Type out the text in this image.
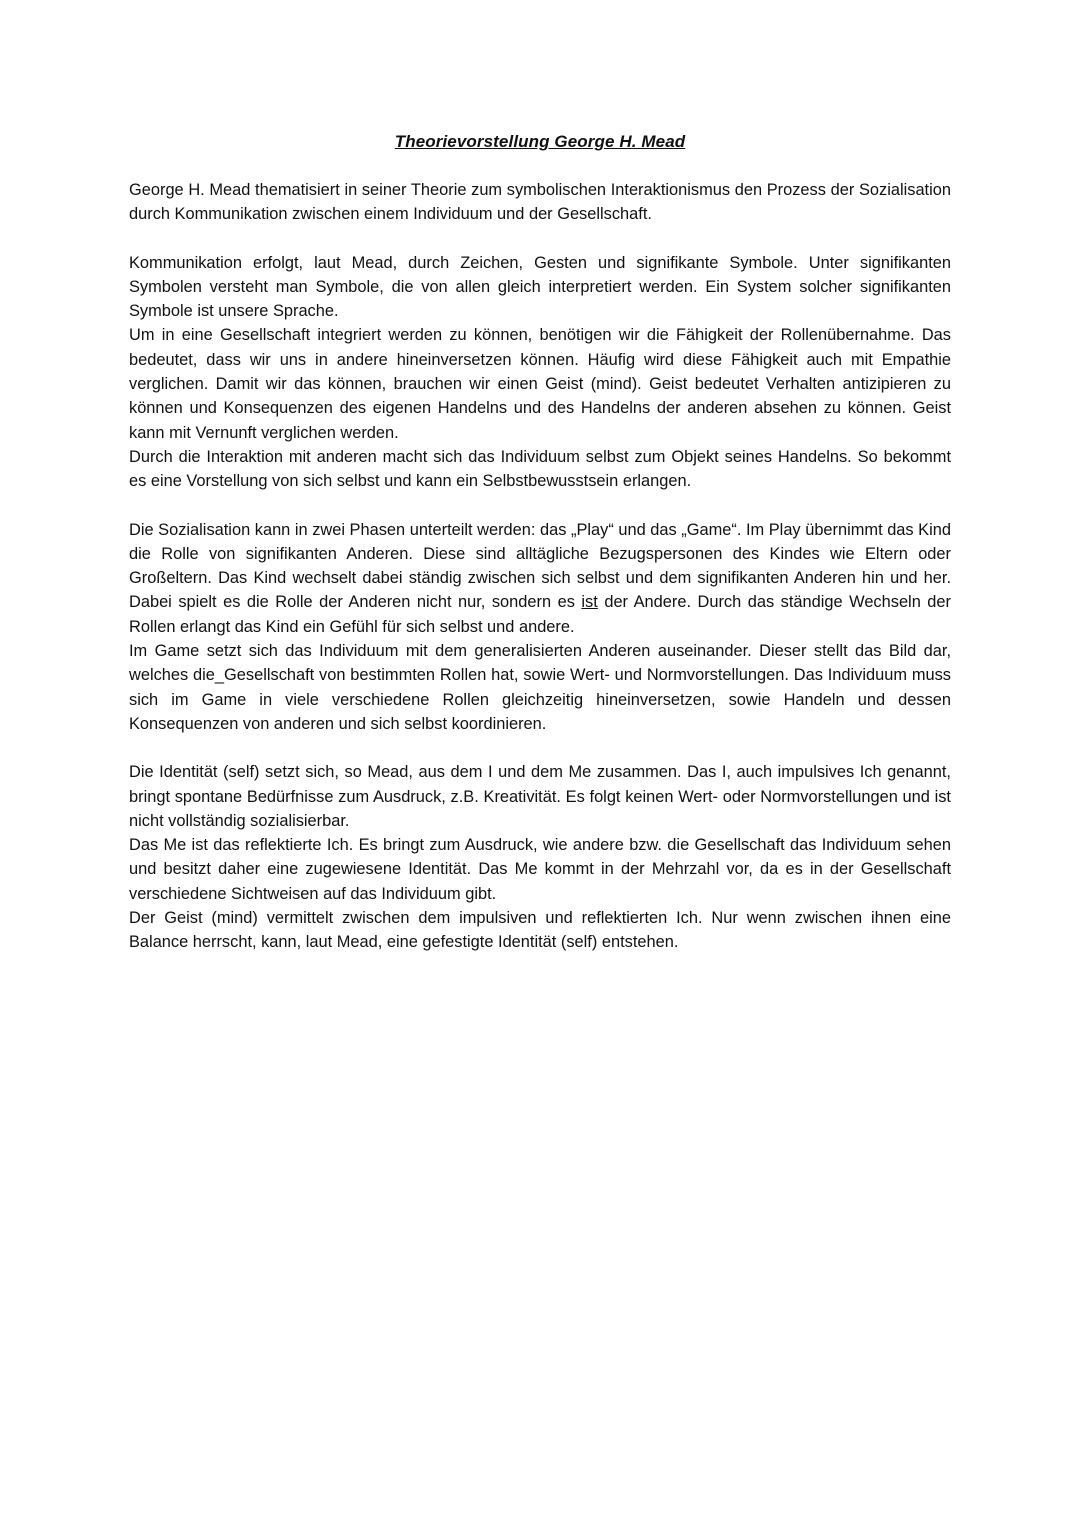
Theorievorstellung George H. Mead

George H. Mead thematisiert in seiner Theorie zum symbolischen Interaktionismus den Prozess der Sozialisation durch Kommunikation zwischen einem Individuum und der Gesellschaft.

Kommunikation erfolgt, laut Mead, durch Zeichen, Gesten und signifikante Symbole. Unter signifikanten Symbolen versteht man Symbole, die von allen gleich interpretiert werden. Ein System solcher signifikanten Symbole ist unsere Sprache.

Um in eine Gesellschaft integriert werden zu können, benötigen wir die Fähigkeit der Rollenübernahme. Das bedeutet, dass wir uns in andere hineinversetzen können. Häufig wird diese Fähigkeit auch mit Empathie verglichen. Damit wir das können, brauchen wir einen Geist (mind). Geist bedeutet Verhalten antizipieren zu können und Konsequenzen des eigenen Handelns und des Handelns der anderen absehen zu können. Geist kann mit Vernunft verglichen werden.

Durch die Interaktion mit anderen macht sich das Individuum selbst zum Objekt seines Handelns. So bekommt es eine Vorstellung von sich selbst und kann ein Selbstbewusstsein erlangen.

Die Sozialisation kann in zwei Phasen unterteilt werden: das „Play“ und das „Game“. Im Play übernimmt das Kind die Rolle von signifikanten Anderen. Diese sind alltägliche Bezugspersonen des Kindes wie Eltern oder Großeltern. Das Kind wechselt dabei ständig zwischen sich selbst und dem signifikanten Anderen hin und her. Dabei spielt es die Rolle der Anderen nicht nur, sondern es ist der Andere. Durch das ständige Wechseln der Rollen erlangt das Kind ein Gefühl für sich selbst und andere.

Im Game setzt sich das Individuum mit dem generalisierten Anderen auseinander. Dieser stellt das Bild dar, welches die_Gesellschaft von bestimmten Rollen hat, sowie Wert- und Normvorstellungen. Das Individuum muss sich im Game in viele verschiedene Rollen gleichzeitig hineinversetzen, sowie Handeln und dessen Konsequenzen von anderen und sich selbst koordinieren.

Die Identität (self) setzt sich, so Mead, aus dem I und dem Me zusammen. Das I, auch impulsives Ich genannt, bringt spontane Bedürfnisse zum Ausdruck, z.B. Kreativität. Es folgt keinen Wert- oder Normvorstellungen und ist nicht vollständig sozialisierbar.

Das Me ist das reflektierte Ich. Es bringt zum Ausdruck, wie andere bzw. die Gesellschaft das Individuum sehen und besitzt daher eine zugewiesene Identität. Das Me kommt in der Mehrzahl vor, da es in der Gesellschaft verschiedene Sichtweisen auf das Individuum gibt.

Der Geist (mind) vermittelt zwischen dem impulsiven und reflektierten Ich. Nur wenn zwischen ihnen eine Balance herrscht, kann, laut Mead, eine gefestigte Identität (self) entstehen.
